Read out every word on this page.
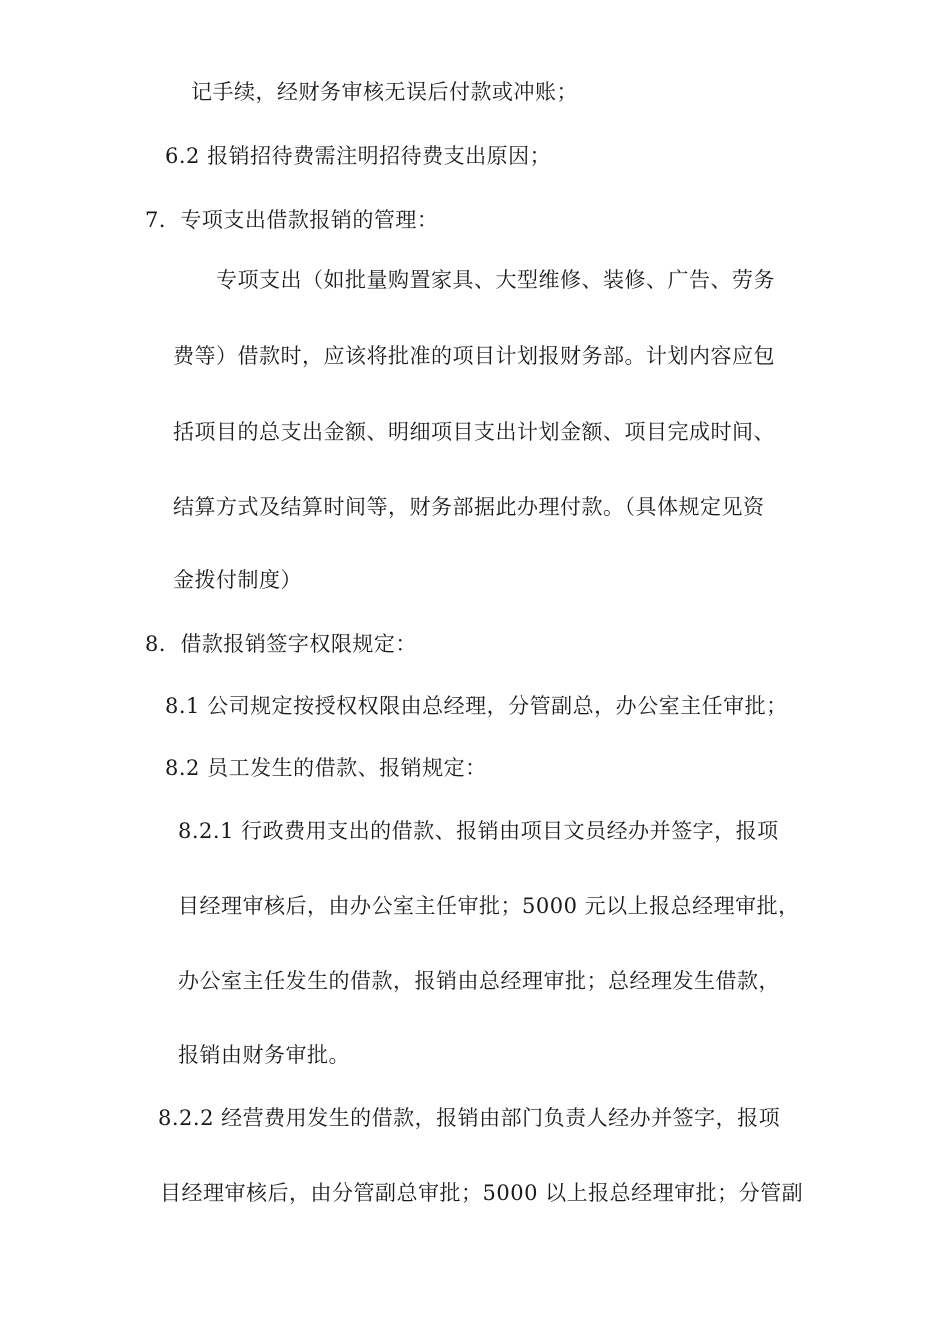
记手续，经财务审核无误后付款或冲账；
6.2 报销招待费需注明招待费支出原因；
7．专项支出借款报销的管理：
专项支出（如批量购置家具、大型维修、装修、广告、劳务
费等）借款时，应该将批准的项目计划报财务部。计划内容应包
括项目的总支出金额、明细项目支出计划金额、项目完成时间、
结算方式及结算时间等，财务部据此办理付款。（具体规定见资
金拨付制度）
8．借款报销签字权限规定：
8.1 公司规定按授权权限由总经理，分管副总，办公室主任审批；
8.2 员工发生的借款、报销规定：
8.2.1 行政费用支出的借款、报销由项目文员经办并签字，报项
目经理审核后，由办公室主任审批；5000 元以上报总经理审批，
办公室主任发生的借款，报销由总经理审批；总经理发生借款，
报销由财务审批。
8.2.2 经营费用发生的借款，报销由部门负责人经办并签字，报项
目经理审核后，由分管副总审批；5000 以上报总经理审批；分管副
